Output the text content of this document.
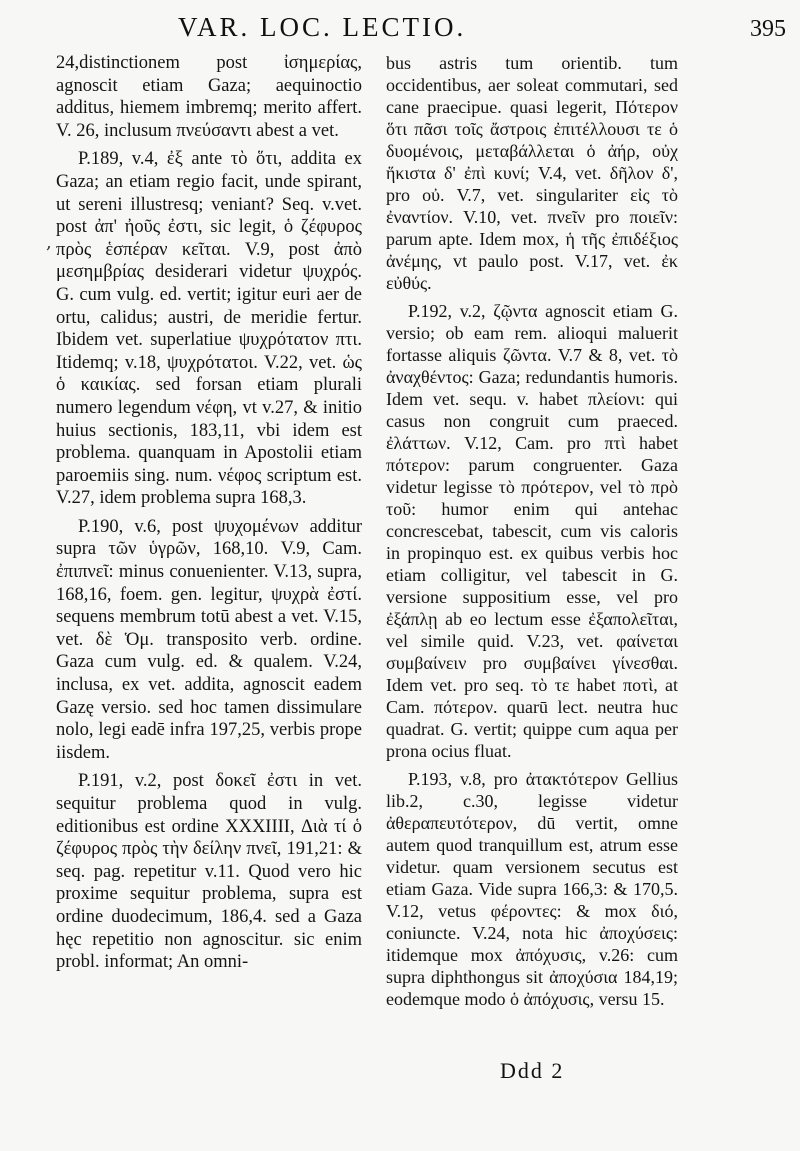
VAR. LOC. LECTIO.	395
,

24,distinctionem post ἰσημερίας, agnoscit etiam Gaza; aequinoctio additus, hiemem imbremq; merito affert. V. 26, inclusum πνεύσαντι abest a vet.

P.189, v.4, ἐξ ante τὸ ὅτι, addita ex Gaza; an etiam regio facit, unde spirant, ut sereni illustresq; veniant? Seq. v.vet. post ἀπ' ἠοῦς ἐστι, sic legit, ὁ ζέφυρος πρὸς ἑσπέραν κεῖται. V.9, post ἀπὸ μεσημβρίας desiderari videtur ψυχρός. G. cum vulg. ed. vertit; igitur euri aer de ortu, calidus; austri, de meridie fertur. Ibidem vet. superlatiue ψυχρότατον πτι. Itidemq; v.18, ψυχρότατοι. V.22, vet. ὡς ὁ καικίας. sed forsan etiam plurali numero legendum νέφη, vt v.27, & initio huius sectionis, 183,11, vbi idem est problema. quanquam in Apostolii etiam paroemiis sing. num. νέφος scriptum est. V.27, idem problema supra 168,3.

P.190, v.6, post ψυχομένων additur supra τῶν ὑγρῶν, 168,10. V.9, Cam. ἐπιπνεῖ: minus conuenienter. V.13, supra, 168,16, foem. gen. legitur, ψυχρὰ ἐστί. sequens membrum totū abest a vet. V.15, vet. δὲ Ὁμ. transposito verb. ordine. Gaza cum vulg. ed. & qualem. V.24, inclusa, ex vet. addita, agnoscit eadem Gazę versio. sed hoc tamen dissimulare nolo, legi eadē infra 197,25, verbis prope iisdem.

P.191, v.2, post δοκεῖ ἐστι in vet. sequitur problema quod in vulg. editionibus est ordine XXXIIII, Διὰ τί ὁ ζέφυρος πρὸς τὴν δείλην πνεῖ, 191,21: & seq. pag. repetitur v.11. Quod vero hic proxime sequitur problema, supra est ordine duodecimum, 186,4. sed a Gaza hęc repetitio non agnoscitur. sic enim probl. informat; An omni-

bus astris tum orientib. tum occidentibus, aer soleat commutari, sed cane praecipue. quasi legerit, Πότερον ὅτι πᾶσι τοῖς ἄστροις ἐπιτέλλουσι τε ὁ δυομένοις, μεταβάλλεται ὁ ἀήρ, οὐχ ἥκιστα δ' ἐπὶ κυνί; V.4, vet. δῆλον δ', pro οὐ. V.7, vet. singulariter εἰς τὸ ἐναντίον. V.10, vet. πνεῖν pro ποιεῖν: parum apte. Idem mox, ἡ τῆς ἐπιδέξιος ἀνέμης, vt paulo post. V.17, vet. ἐκ εὐθύς.

P.192, v.2, ζῷντα agnoscit etiam G. versio; ob eam rem. alioqui maluerit fortasse aliquis ζῶντα. V.7 & 8, vet. τὸ ἀναχθέντος: Gaza; redundantis humoris. Idem vet. sequ. v. habet πλείονι: qui casus non congruit cum praeced. ἐλάττων. V.12, Cam. pro πτὶ habet πότερον: parum congruenter. Gaza videtur legisse τὸ πρότερον, vel τὸ πρὸ τοῦ: humor enim qui antehac concrescebat, tabescit, cum vis caloris in propinquo est. ex quibus verbis hoc etiam colligitur, vel tabescit in G. versione suppositium esse, vel pro ἐξάπλῃ ab eo lectum esse ἐξαπολεῖται, vel simile quid. V.23, vet. φαίνεται συμβαίνειν pro συμβαίνει γίνεσθαι. Idem vet. pro seq. τὸ τε habet ποτὶ, at Cam. πότερον. quarū lect. neutra huc quadrat. G. vertit; quippe cum aqua per prona ocius fluat.

P.193, v.8, pro ἀτακτότερον Gellius lib.2, c.30, legisse videtur ἀθεραπευτότερον, dū vertit, omne autem quod tranquillum est, atrum esse videtur. quam versionem secutus est etiam Gaza. Vide supra 166,3: & 170,5. V.12, vetus φέροντες: & mox διό, coniuncte. V.24, nota hic ἀποχύσεις: itidemque mox ἀπόχυσις, v.26: cum supra diphthongus sit ἀποχύσια 184,19; eodemque modo ὁ ἀπόχυσις, versu 15.

Ddd 2
